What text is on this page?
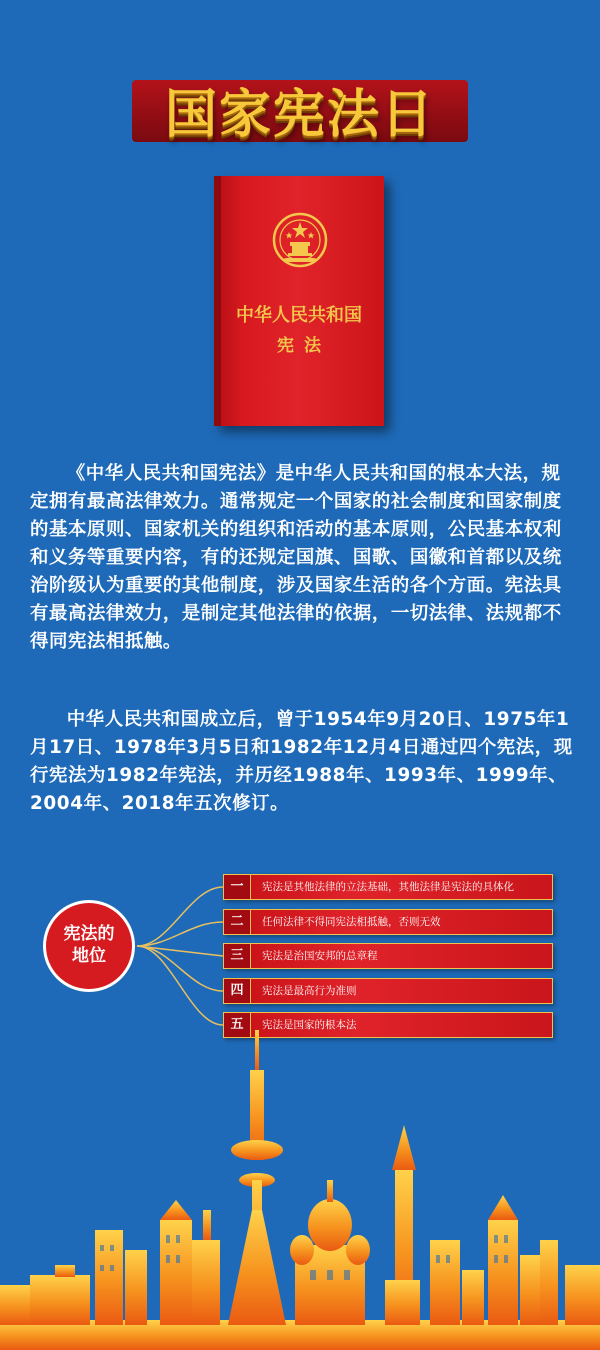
国家宪法日
中华人民共和国
宪法

《中华人民共和国宪法》是中华人民共和国的根本大法，规定拥有最高法律效力。通常规定一个国家的社会制度和国家制度的基本原则、国家机关的组织和活动的基本原则，公民基本权利和义务等重要内容，有的还规定国旗、国歌、国徽和首都以及统治阶级认为重要的其他制度，涉及国家生活的各个方面。宪法具有最高法律效力，是制定其他法律的依据，一切法律、法规都不得同宪法相抵触。

中华人民共和国成立后，曾于1954年9月20日、1975年1月17日、1978年3月5日和1982年12月4日通过四个宪法，现行宪法为1982年宪法，并历经1988年、1993年、1999年、2004年、2018年五次修订。

宪法的
地位
一	宪法是其他法律的立法基础，其他法律是宪法的具体化
二	任何法律不得同宪法相抵触，否则无效
三	宪法是治国安邦的总章程
四	宪法是最高行为准则
五	宪法是国家的根本法
